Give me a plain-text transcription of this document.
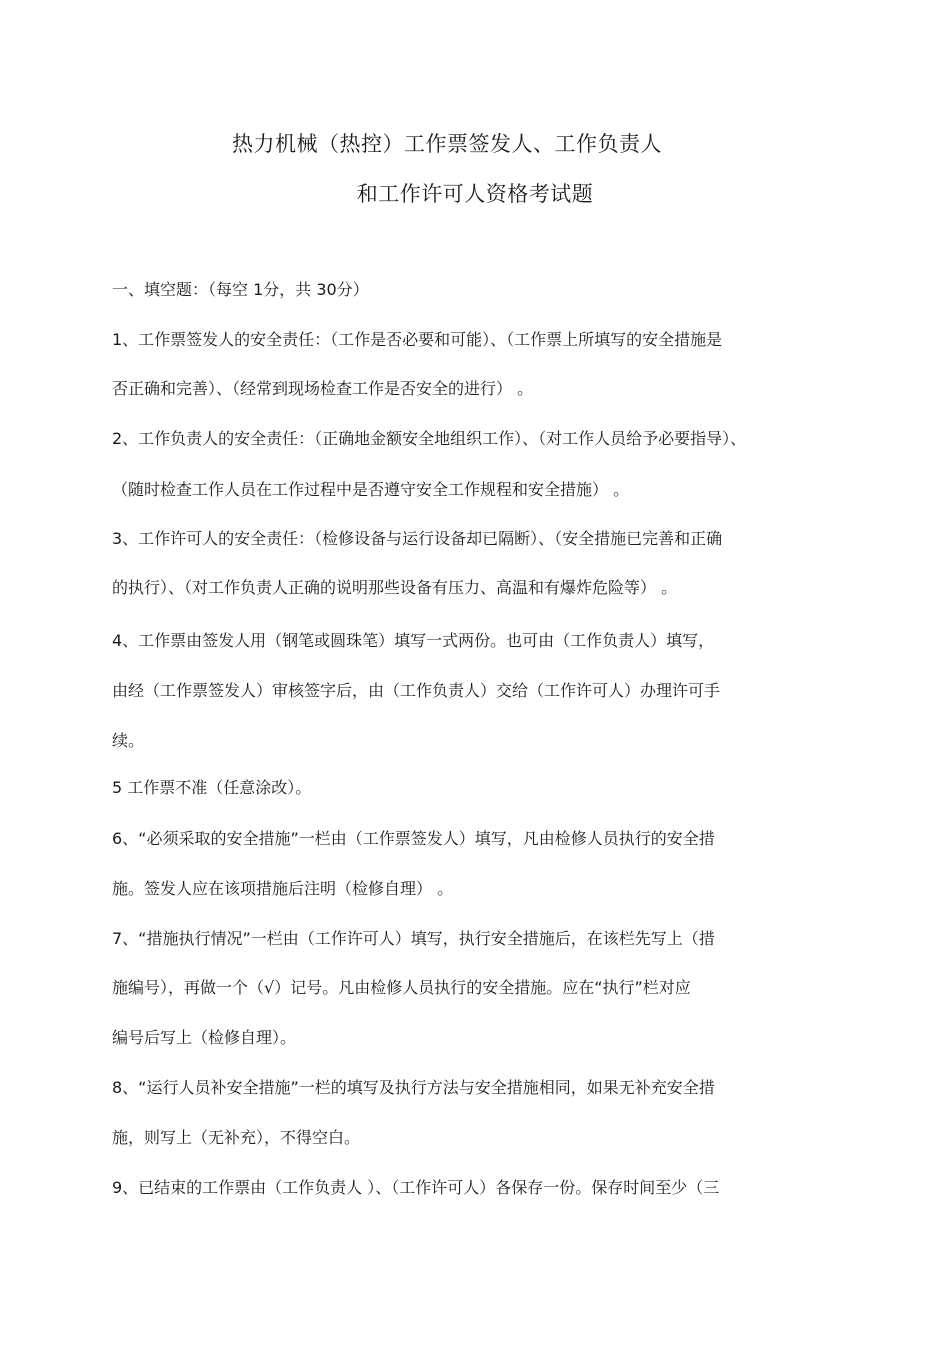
热力机械（热控）工作票签发人、工作负责人
和工作许可人资格考试题
一、填空题：（每空 1分，共 30分）
1、工作票签发人的安全责任：（工作是否必要和可能）、（工作票上所填写的安全措施是
否正确和完善）、（经常到现场检查工作是否安全的进行） 。
2、工作负责人的安全责任：（正确地金额安全地组织工作）、（对工作人员给予必要指导）、
（随时检查工作人员在工作过程中是否遵守安全工作规程和安全措施） 。
3、工作许可人的安全责任：（检修设备与运行设备却已隔断）、（安全措施已完善和正确
的执行）、（对工作负责人正确的说明那些设备有压力、高温和有爆炸危险等） 。
4、工作票由签发人用（钢笔或圆珠笔）填写一式两份。也可由（工作负责人）填写，
由经（工作票签发人）审核签字后，由（工作负责人）交给（工作许可人）办理许可手
续。
5 工作票不准（任意涂改）。
6、“必须采取的安全措施”一栏由（工作票签发人）填写，凡由检修人员执行的安全措
施。签发人应在该项措施后注明（检修自理） 。
7、“措施执行情况”一栏由（工作许可人）填写，执行安全措施后，在该栏先写上（措
施编号），再做一个（√）记号。凡由检修人员执行的安全措施。应在“执行”栏对应
编号后写上（检修自理）。
8、“运行人员补安全措施”一栏的填写及执行方法与安全措施相同，如果无补充安全措
施，则写上（无补充），不得空白。
9、已结束的工作票由（工作负责人 ）、（工作许可人）各保存一份。保存时间至少（三
